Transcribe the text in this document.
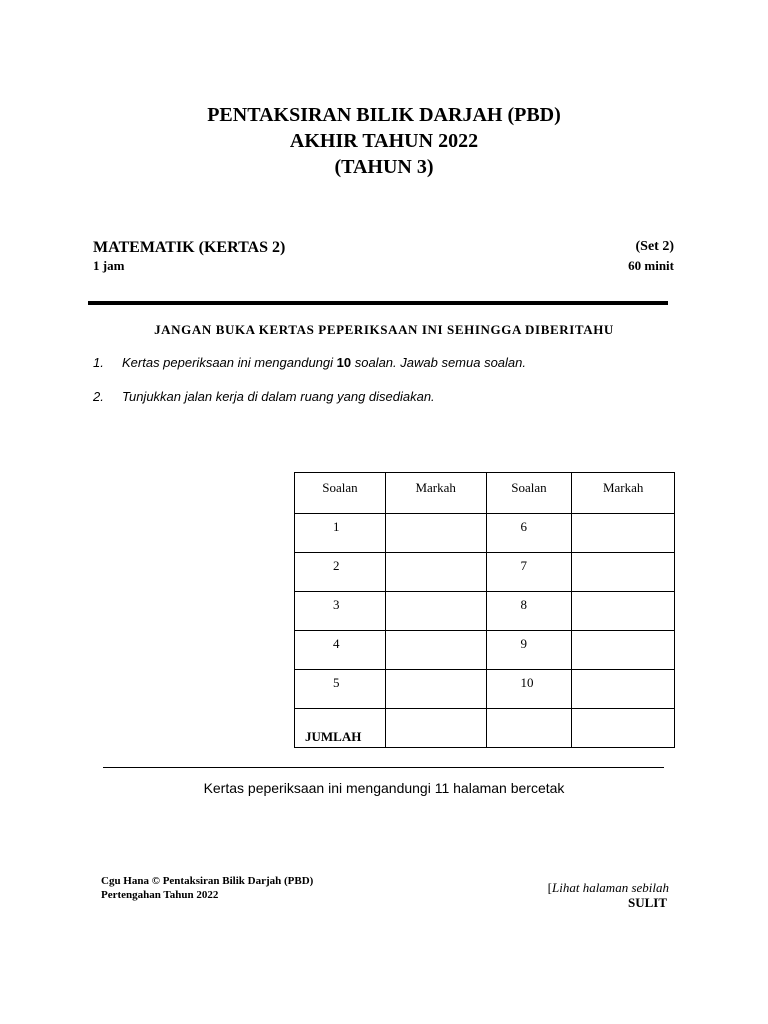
PENTAKSIRAN BILIK DARJAH (PBD)
AKHIR TAHUN 2022
(TAHUN 3)
MATEMATIK (KERTAS 2)	(Set 2)
1 jam	60 minit
JANGAN BUKA KERTAS PEPERIKSAAN INI SEHINGGA DIBERITAHU
1. Kertas peperiksaan ini mengandungi 10 soalan. Jawab semua soalan.
2. Tunjukkan jalan kerja di dalam ruang yang disediakan.
Soalan	Markah	Soalan	Markah
1		6	
2		7	
3		8	
4		9	
5		10	
JUMLAH			
Kertas peperiksaan ini mengandungi 11 halaman bercetak
Cgu Hana © Pentaksiran Bilik Darjah (PBD)
Pertengahan Tahun 2022	[Lihat halaman sebilah
SULIT
